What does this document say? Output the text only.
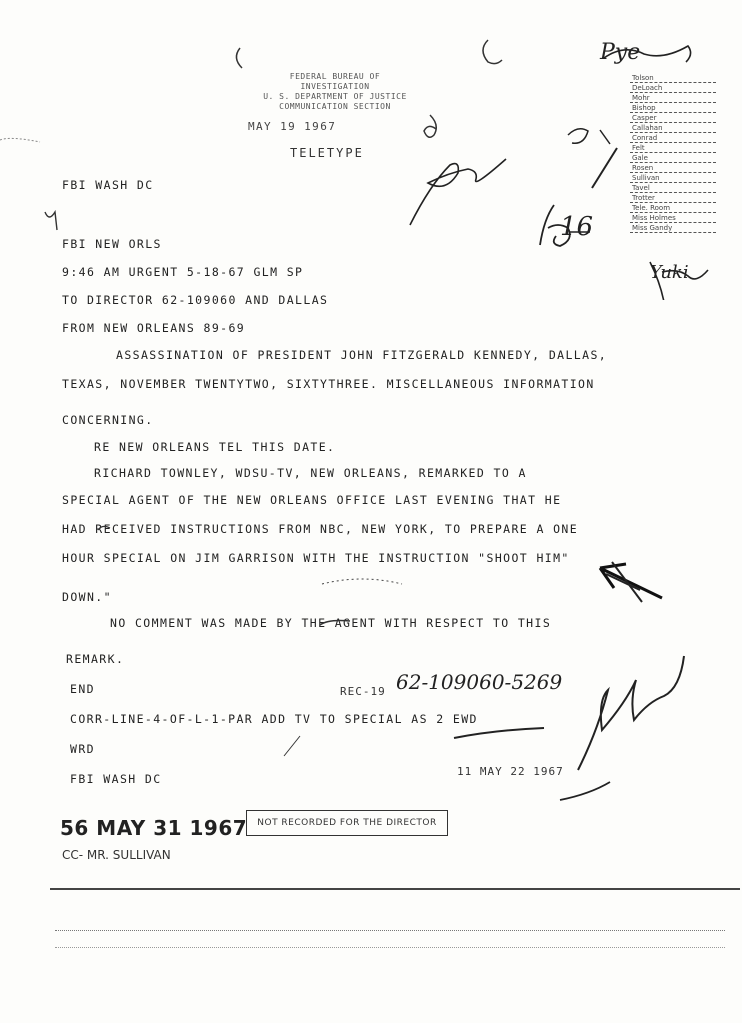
FEDERAL BUREAU OF INVESTIGATION
U. S. DEPARTMENT OF JUSTICE
COMMUNICATION SECTION
MAY 19 1967
TELETYPE
Tolson
DeLoach
Mohr
Bishop
Casper
Callahan
Conrad
Felt
Gale
Rosen
Sullivan
Tavel
Trotter
Tele. Room
Miss Holmes
Miss Gandy
Pye
16
Yuki
FBI WASH DC
FBI NEW ORLS
9:46 AM URGENT 5-18-67 GLM SP
TO DIRECTOR 62-109060 AND DALLAS
FROM NEW ORLEANS 89-69
ASSASSINATION OF PRESIDENT JOHN FITZGERALD KENNEDY, DALLAS,
TEXAS, NOVEMBER TWENTYTWO, SIXTYTHREE. MISCELLANEOUS INFORMATION
CONCERNING.
RE NEW ORLEANS TEL THIS DATE.
RICHARD TOWNLEY, WDSU-TV, NEW ORLEANS, REMARKED TO A
SPECIAL AGENT OF THE NEW ORLEANS OFFICE LAST EVENING THAT HE
HAD RECEIVED INSTRUCTIONS FROM NBC, NEW YORK, TO PREPARE A ONE
HOUR SPECIAL ON JIM GARRISON WITH THE INSTRUCTION "SHOOT HIM"
DOWN."
NO COMMENT WAS MADE BY THE AGENT WITH RESPECT TO THIS
REMARK.
END
CORR-LINE-4-OF-L-1-PAR ADD TV TO SPECIAL AS 2 EWD
WRD
FBI WASH DC
REC-19 62-109060-5269
11 MAY 22 1967
NOT RECORDED FOR THE DIRECTOR
56 MAY 31 1967
CC- MR. SULLIVAN
